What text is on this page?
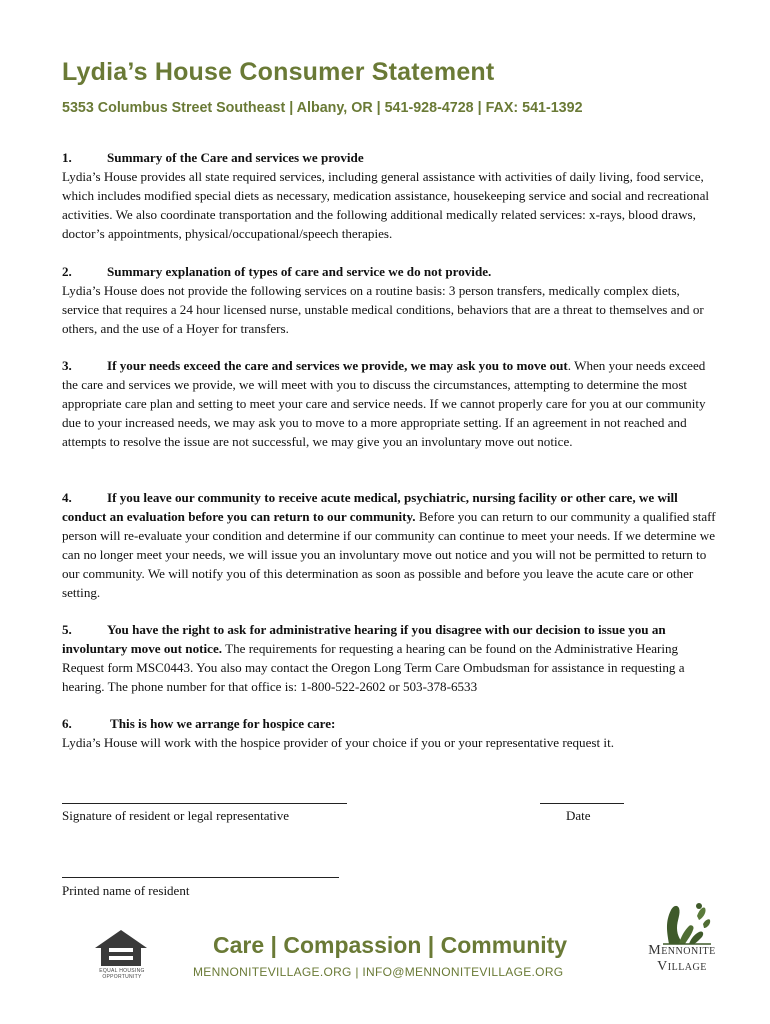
Lydia’s House Consumer Statement
5353 Columbus Street Southeast | Albany, OR | 541-928-4728 | FAX: 541-1392

1.	Summary of the Care and services we provide

Lydia’s House provides all state required services, including general assistance with activities of daily living, food service, which includes modified special diets as necessary, medication assistance, housekeeping service and social and recreational activities. We also coordinate transportation and the following additional medically related services: x-rays, blood draws, doctor’s appointments, physical/occupational/speech therapies.

2.	Summary explanation of types of care and service we do not provide.

Lydia’s House does not provide the following services on a routine basis: 3 person transfers, medically complex diets, service that requires a 24 hour licensed nurse, unstable medical conditions, behaviors that are a threat to themselves and or others, and the use of a Hoyer for transfers.

3.	If your needs exceed the care and services we provide, we may ask you to move out. When your needs exceed the care and services we provide, we will meet with you to discuss the circumstances, attempting to determine the most appropriate care plan and setting to meet your care and service needs. If we cannot properly care for you at our community due to your increased needs, we may ask you to move to a more appropriate setting. If an agreement in not reached and attempts to resolve the issue are not successful, we may give you an involuntary move out notice.

4.	If you leave our community to receive acute medical, psychiatric, nursing facility or other care, we will conduct an evaluation before you can return to our community. Before you can return to our community a qualified staff person will re-evaluate your condition and determine if our community can continue to meet your needs. If we determine we can no longer meet your needs, we will issue you an involuntary move out notice and you will not be permitted to return to our community. We will notify you of this determination as soon as possible and before you leave the acute care or other setting.

5.	You have the right to ask for administrative hearing if you disagree with our decision to issue you an involuntary move out notice. The requirements for requesting a hearing can be found on the Administrative Hearing Request form MSC0443. You also may contact the Oregon Long Term Care Ombudsman for assistance in requesting a hearing. The phone number for that office is: 1-800-522-2602 or 503-378-6533

6.	This is how we arrange for hospice care:

Lydia’s House will work with the hospice provider of your choice if you or your representative request it.

Signature of resident or legal representative	Date
Printed name of resident
EQUAL HOUSING OPPORTUNITY
Care | Compassion | Community
MENNONITEVILLAGE.ORG | INFO@MENNONITEVILLAGE.ORG
Mennonite
Village
